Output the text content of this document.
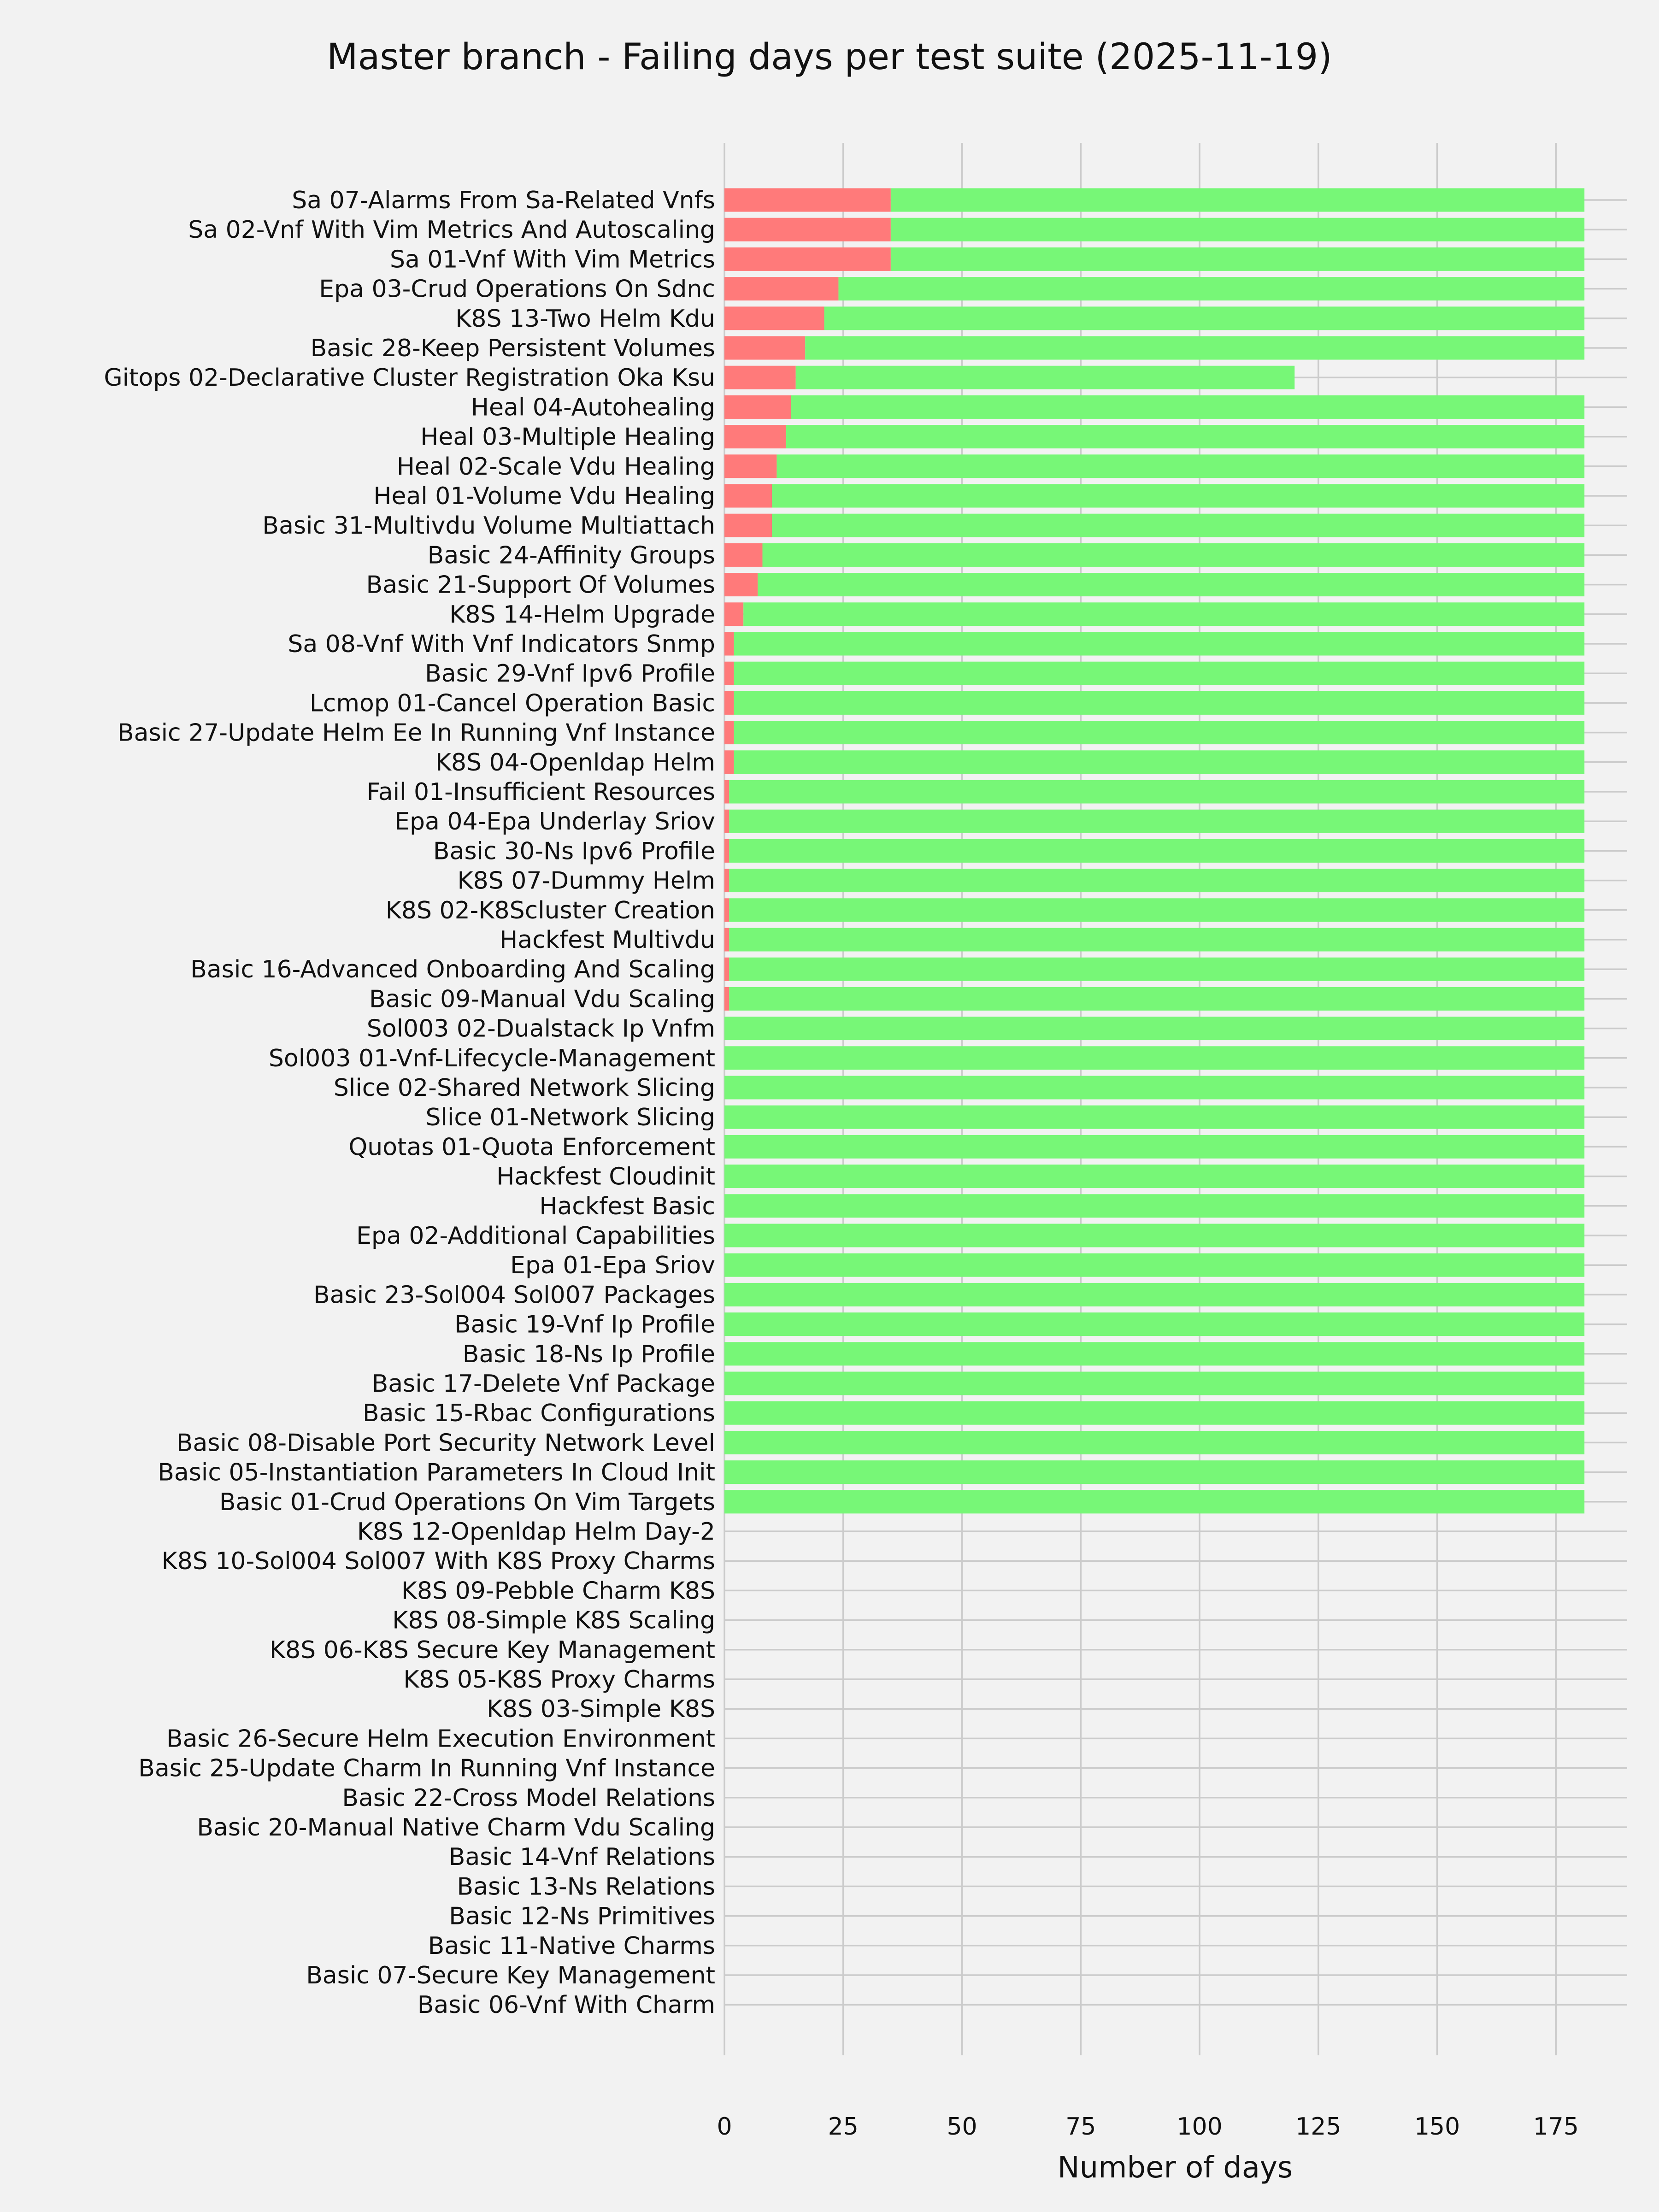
Sa 07-Alarms From Sa-Related Vnfs
Sa 02-Vnf With Vim Metrics And Autoscaling
Sa 01-Vnf With Vim Metrics
Epa 03-Crud Operations On Sdnc
K8S 13-Two Helm Kdu
Basic 28-Keep Persistent Volumes
Gitops 02-Declarative Cluster Registration Oka Ksu
Heal 04-Autohealing
Heal 03-Multiple Healing
Heal 02-Scale Vdu Healing
Heal 01-Volume Vdu Healing
Basic 31-Multivdu Volume Multiattach
Basic 24-Affinity Groups
Basic 21-Support Of Volumes
K8S 14-Helm Upgrade
Sa 08-Vnf With Vnf Indicators Snmp
Basic 29-Vnf Ipv6 Profile
Lcmop 01-Cancel Operation Basic
Basic 27-Update Helm Ee In Running Vnf Instance
K8S 04-Openldap Helm
Fail 01-Insufficient Resources
Epa 04-Epa Underlay Sriov
Basic 30-Ns Ipv6 Profile
K8S 07-Dummy Helm
K8S 02-K8Scluster Creation
Hackfest Multivdu
Basic 16-Advanced Onboarding And Scaling
Basic 09-Manual Vdu Scaling
Sol003 02-Dualstack Ip Vnfm
Sol003 01-Vnf-Lifecycle-Management
Slice 02-Shared Network Slicing
Slice 01-Network Slicing
Quotas 01-Quota Enforcement
Hackfest Cloudinit
Hackfest Basic
Epa 02-Additional Capabilities
Epa 01-Epa Sriov
Basic 23-Sol004 Sol007 Packages
Basic 19-Vnf Ip Profile
Basic 18-Ns Ip Profile
Basic 17-Delete Vnf Package
Basic 15-Rbac Configurations
Basic 08-Disable Port Security Network Level
Basic 05-Instantiation Parameters In Cloud Init
Basic 01-Crud Operations On Vim Targets
K8S 12-Openldap Helm Day-2
K8S 10-Sol004 Sol007 With K8S Proxy Charms
K8S 09-Pebble Charm K8S
K8S 08-Simple K8S Scaling
K8S 06-K8S Secure Key Management
K8S 05-K8S Proxy Charms
K8S 03-Simple K8S
Basic 26-Secure Helm Execution Environment
Basic 25-Update Charm In Running Vnf Instance
Basic 22-Cross Model Relations
Basic 20-Manual Native Charm Vdu Scaling
Basic 14-Vnf Relations
Basic 13-Ns Relations
Basic 12-Ns Primitives
Basic 11-Native Charms
Basic 07-Secure Key Management
Basic 06-Vnf With Charm
0	25	50	75	100	125	150	175
Master branch - Failing days per test suite (2025-11-19)
Number of days
